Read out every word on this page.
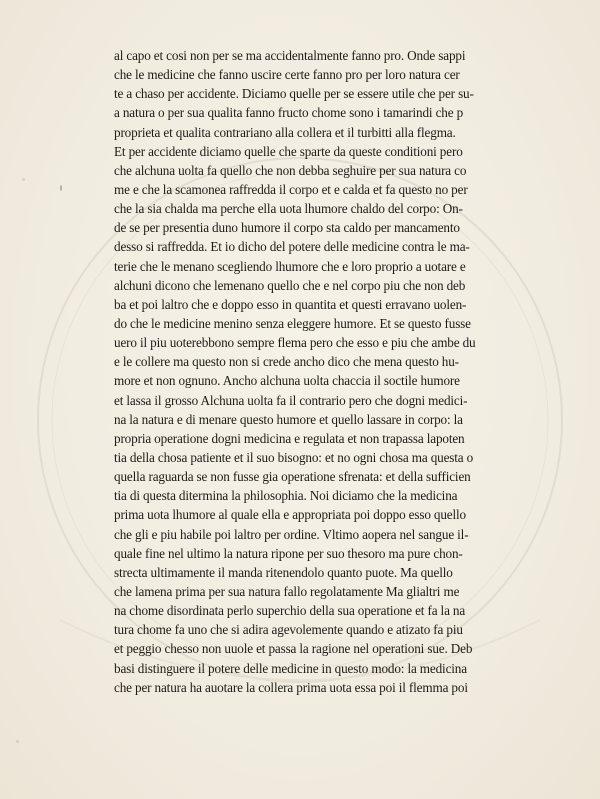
al capo et cosi non per se ma accidentalmente fanno pro. Onde sappi
che le medicine che fanno uscire certe fanno pro per loro natura cer
te a chaso per accidente. Diciamo quelle per se essere utile che per su-
a natura o per sua qualita fanno fructo chome sono i tamarindi che p
proprieta et qualita contrariano alla collera et il turbitti alla flegma.
Et per accidente diciamo quelle che sparte da queste conditioni pero
che alchuna uolta fa quello che non debba seghuire per sua natura co
me e che la scamonea raffredda il corpo et e calda et fa questo no per
che la sia chalda ma perche ella uota lhumore chaldo del corpo: On-
de se per presentia duno humore il corpo sta caldo per mancamento
desso si raffredda. Et io dicho del potere delle medicine contra le ma-
terie che le menano scegliendo lhumore che e loro proprio a uotare e
alchuni dicono che lemenano quello che e nel corpo piu che non deb
ba et poi laltro che e doppo esso in quantita et questi erravano uolen-
do che le medicine menino senza eleggere humore. Et se questo fusse
uero il piu uoterebbono sempre flema pero che esso e piu che ambe du
e le collere ma questo non si crede ancho dico che mena questo hu-
more et non ognuno. Ancho alchuna uolta chaccia il soctile humore
et lassa il grosso Alchuna uolta fa il contrario pero che dogni medici-
na la natura e di menare questo humore et quello lassare in corpo: la
propria operatione dogni medicina e regulata et non trapassa lapoten
tia della chosa patiente et il suo bisogno: et no ogni chosa ma questa o
quella raguarda se non fusse gia operatione sfrenata: et della sufficien
tia di questa ditermina la philosophia. Noi diciamo che la medicina
prima uota lhumore al quale ella e appropriata poi doppo esso quello
che gli e piu habile poi laltro per ordine. Vltimo aopera nel sangue il-
quale fine nel ultimo la natura ripone per suo thesoro ma pure chon-
strecta ultimamente il manda ritenendolo quanto puote. Ma quello
che lamena prima per sua natura fallo regolatamente Ma glialtri me
na chome disordinata perlo superchio della sua operatione et fa la na
tura chome fa uno che si adira agevolemente quando e atizato fa piu
et peggio chesso non uuole et passa la ragione nel operationi sue. Deb
basi distinguere il potere delle medicine in questo modo: la medicina
che per natura ha auotare la collera prima uota essa poi il flemma poi
